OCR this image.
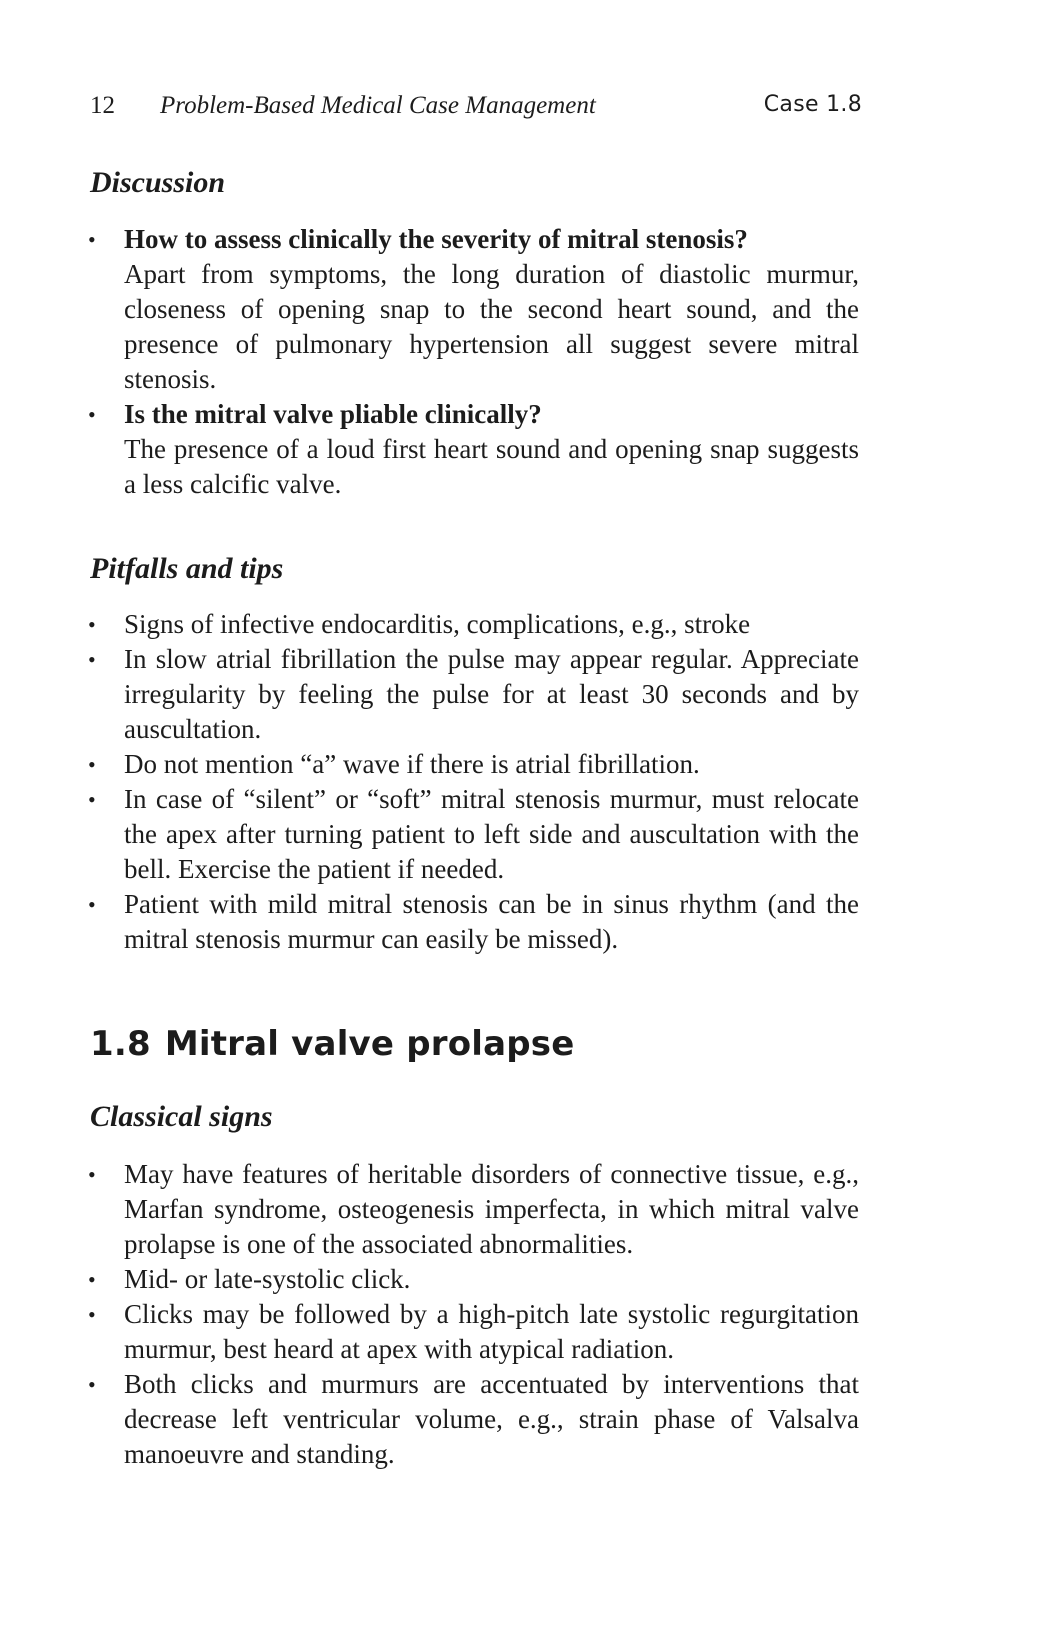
12 Problem-Based Medical Case Management	Case 1.8
Discussion
• How to assess clinically the severity of mitral stenosis?
Apart from symptoms, the long duration of diastolic murmur, closeness of opening snap to the second heart sound, and the presence of pulmonary hypertension all suggest severe mitral stenosis.
• Is the mitral valve pliable clinically?
The presence of a loud first heart sound and opening snap suggests a less calcific valve.
Pitfalls and tips
• Signs of infective endocarditis, complications, e.g., stroke
• In slow atrial fibrillation the pulse may appear regular. Appreciate irregularity by feeling the pulse for at least 30 seconds and by auscultation.
• Do not mention “a” wave if there is atrial fibrillation.
• In case of “silent” or “soft” mitral stenosis murmur, must relocate the apex after turning patient to left side and auscultation with the bell. Exercise the patient if needed.
• Patient with mild mitral stenosis can be in sinus rhythm (and the mitral stenosis murmur can easily be missed).
1.8 Mitral valve prolapse
Classical signs
• May have features of heritable disorders of connective tissue, e.g., Marfan syndrome, osteogenesis imperfecta, in which mitral valve prolapse is one of the associated abnormalities.
• Mid- or late-systolic click.
• Clicks may be followed by a high-pitch late systolic regurgitation murmur, best heard at apex with atypical radiation.
• Both clicks and murmurs are accentuated by interventions that decrease left ventricular volume, e.g., strain phase of Valsalva manoeuvre and standing.
